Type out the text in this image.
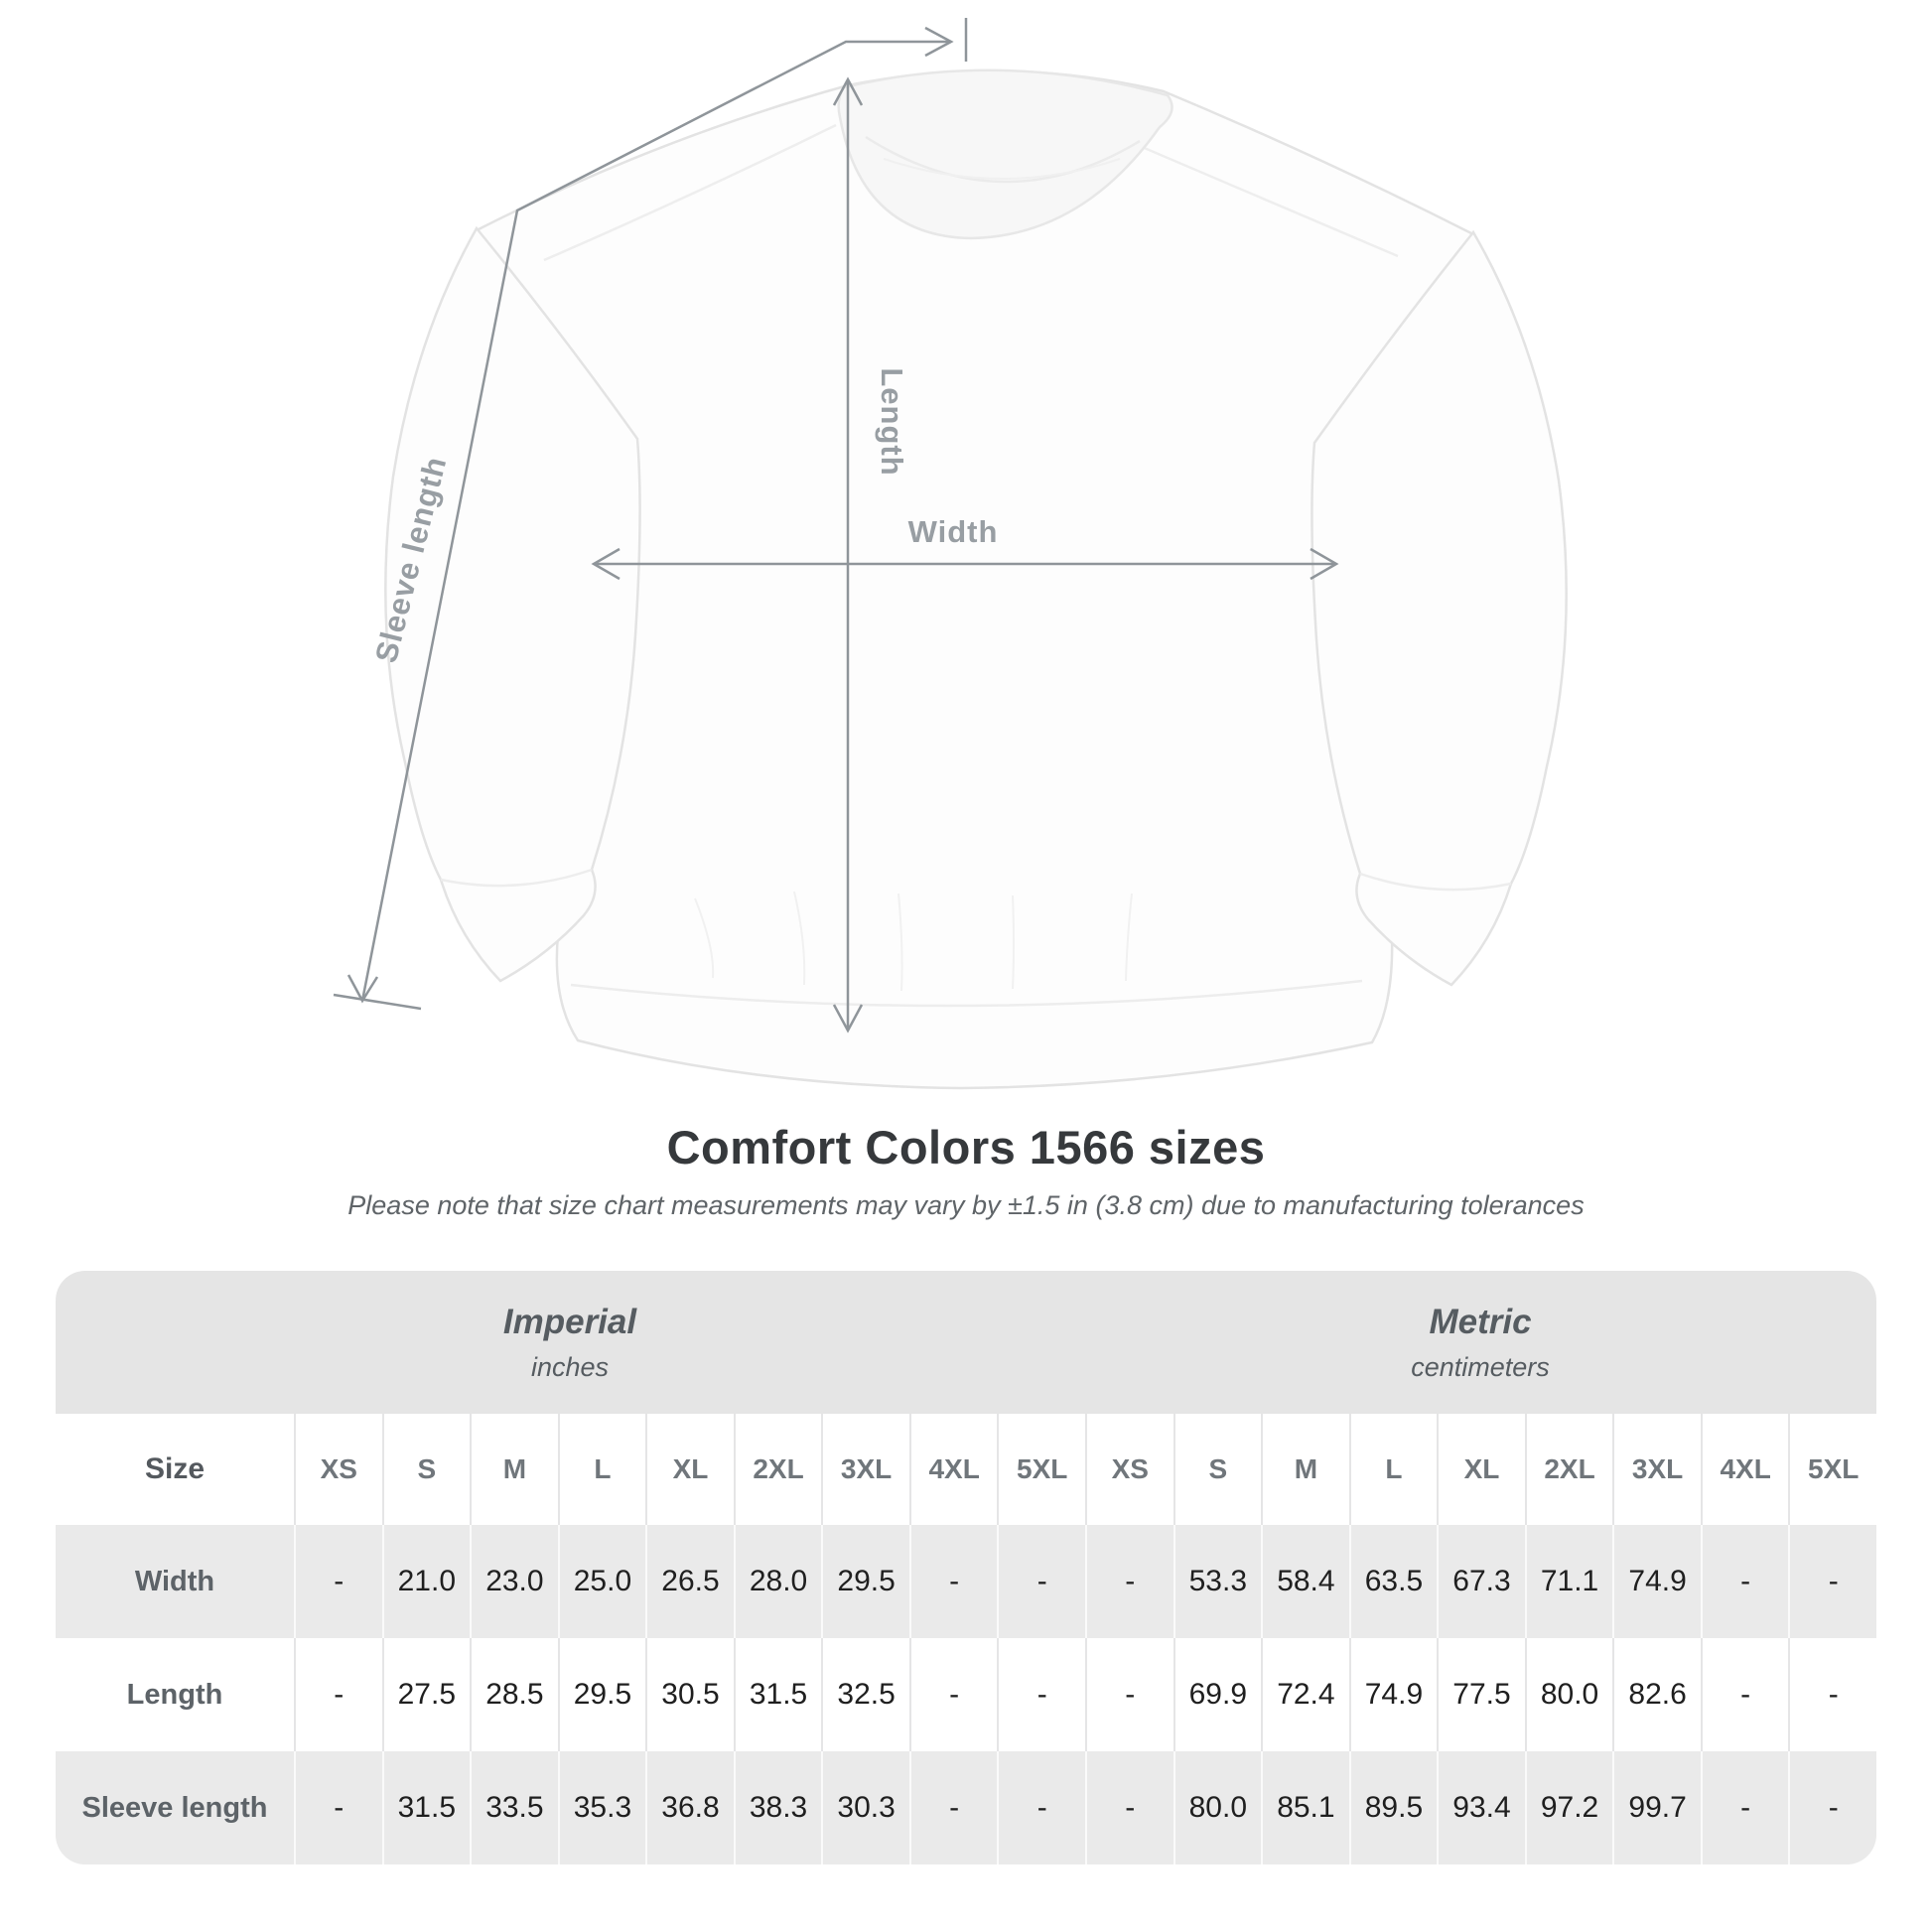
Width
Length
Sleeve length
Comfort Colors 1566 sizes
Please note that size chart measurements may vary by ±1.5 in (3.8 cm) due to manufacturing tolerances
Imperial
inches
Metric
centimeters
Size	XS	S	M	L	XL	2XL	3XL	4XL	5XL	XS	S	M	L	XL	2XL	3XL	4XL	5XL
Width	-	21.0	23.0	25.0	26.5	28.0	29.5	-	-	-	53.3	58.4	63.5	67.3	71.1	74.9	-	-
Length	-	27.5	28.5	29.5	30.5	31.5	32.5	-	-	-	69.9	72.4	74.9	77.5	80.0	82.6	-	-
Sleeve length	-	31.5	33.5	35.3	36.8	38.3	30.3	-	-	-	80.0	85.1	89.5	93.4	97.2	99.7	-	-
